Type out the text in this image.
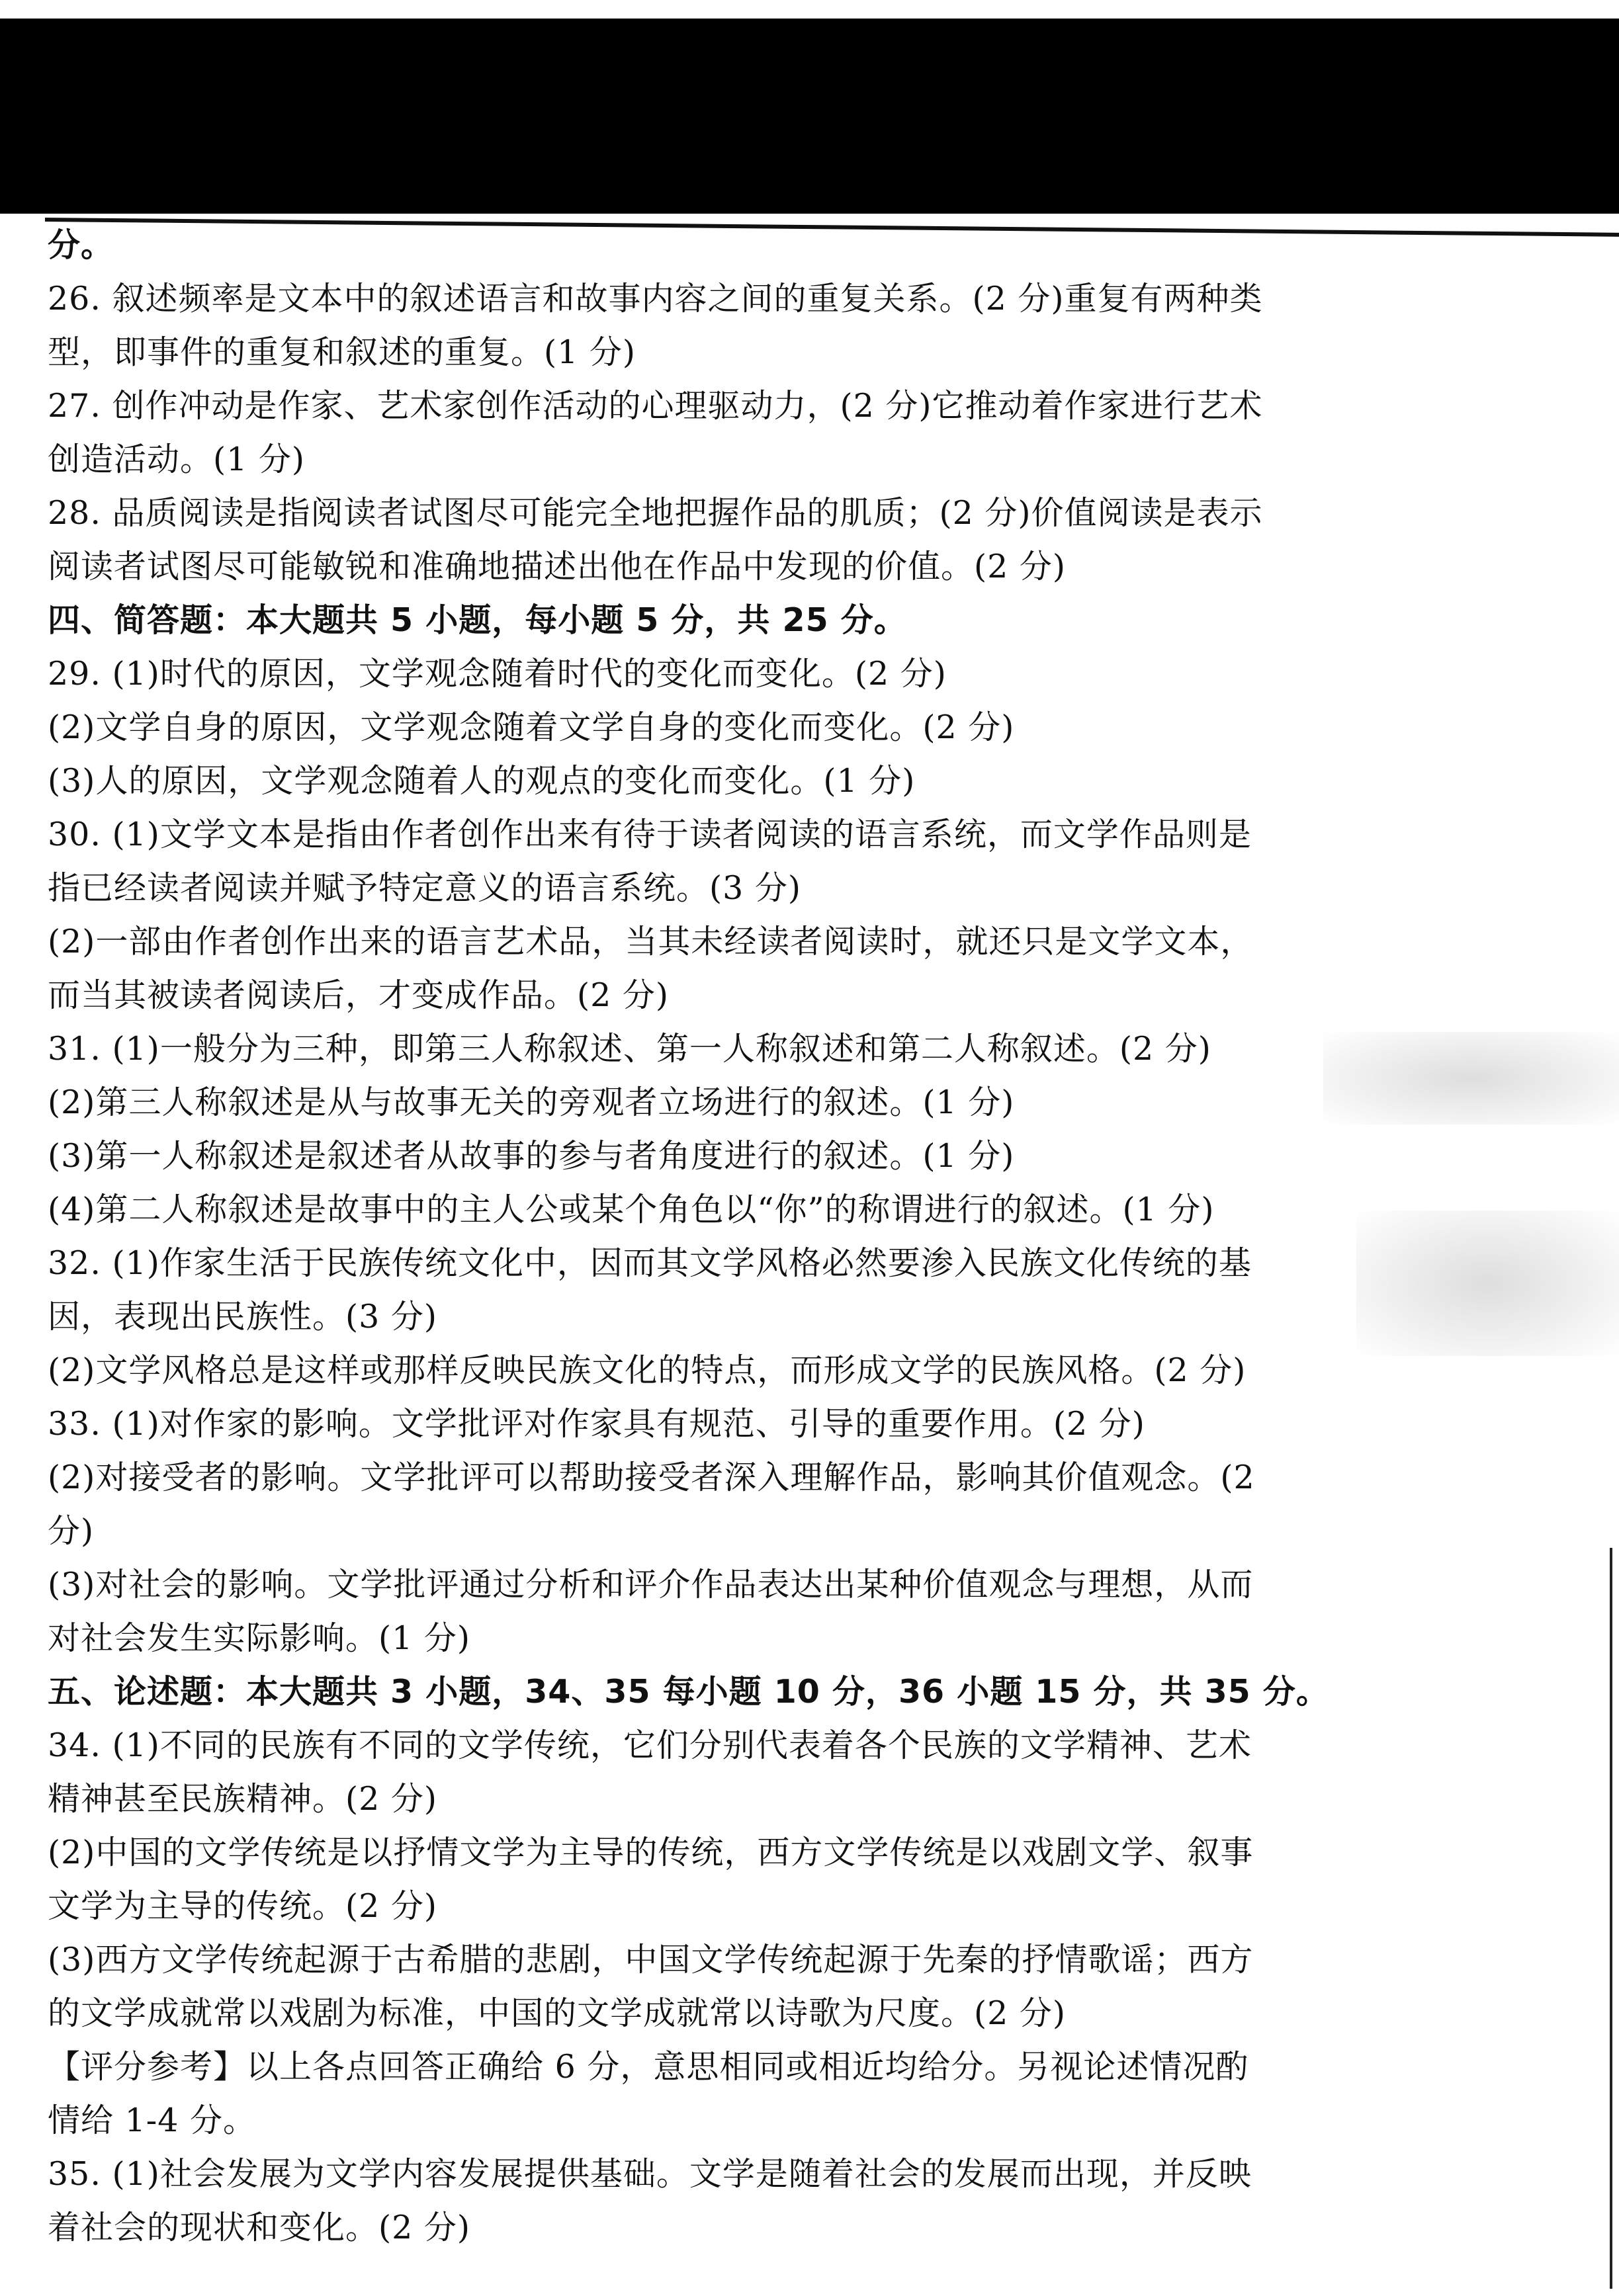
分。
26. 叙述频率是文本中的叙述语言和故事内容之间的重复关系。(2 分)重复有两种类
型，即事件的重复和叙述的重复。(1 分)
27. 创作冲动是作家、艺术家创作活动的心理驱动力，(2 分)它推动着作家进行艺术
创造活动。(1 分)
28. 品质阅读是指阅读者试图尽可能完全地把握作品的肌质；(2 分)价值阅读是表示
阅读者试图尽可能敏锐和准确地描述出他在作品中发现的价值。(2 分)
四、简答题：本大题共 5 小题，每小题 5 分，共 25 分。
29. (1)时代的原因，文学观念随着时代的变化而变化。(2 分)
(2)文学自身的原因，文学观念随着文学自身的变化而变化。(2 分)
(3)人的原因，文学观念随着人的观点的变化而变化。(1 分)
30. (1)文学文本是指由作者创作出来有待于读者阅读的语言系统，而文学作品则是
指已经读者阅读并赋予特定意义的语言系统。(3 分)
(2)一部由作者创作出来的语言艺术品，当其未经读者阅读时，就还只是文学文本，
而当其被读者阅读后，才变成作品。(2 分)
31. (1)一般分为三种，即第三人称叙述、第一人称叙述和第二人称叙述。(2 分)
(2)第三人称叙述是从与故事无关的旁观者立场进行的叙述。(1 分)
(3)第一人称叙述是叙述者从故事的参与者角度进行的叙述。(1 分)
(4)第二人称叙述是故事中的主人公或某个角色以“你”的称谓进行的叙述。(1 分)
32. (1)作家生活于民族传统文化中，因而其文学风格必然要渗入民族文化传统的基
因，表现出民族性。(3 分)
(2)文学风格总是这样或那样反映民族文化的特点，而形成文学的民族风格。(2 分)
33. (1)对作家的影响。文学批评对作家具有规范、引导的重要作用。(2 分)
(2)对接受者的影响。文学批评可以帮助接受者深入理解作品，影响其价值观念。(2
分)
(3)对社会的影响。文学批评通过分析和评介作品表达出某种价值观念与理想，从而
对社会发生实际影响。(1 分)
五、论述题：本大题共 3 小题，34、35 每小题 10 分，36 小题 15 分，共 35 分。
34. (1)不同的民族有不同的文学传统，它们分别代表着各个民族的文学精神、艺术
精神甚至民族精神。(2 分)
(2)中国的文学传统是以抒情文学为主导的传统，西方文学传统是以戏剧文学、叙事
文学为主导的传统。(2 分)
(3)西方文学传统起源于古希腊的悲剧，中国文学传统起源于先秦的抒情歌谣；西方
的文学成就常以戏剧为标准，中国的文学成就常以诗歌为尺度。(2 分)
【评分参考】以上各点回答正确给 6 分，意思相同或相近均给分。另视论述情况酌
情给 1-4 分。
35. (1)社会发展为文学内容发展提供基础。文学是随着社会的发展而出现，并反映
着社会的现状和变化。(2 分)
